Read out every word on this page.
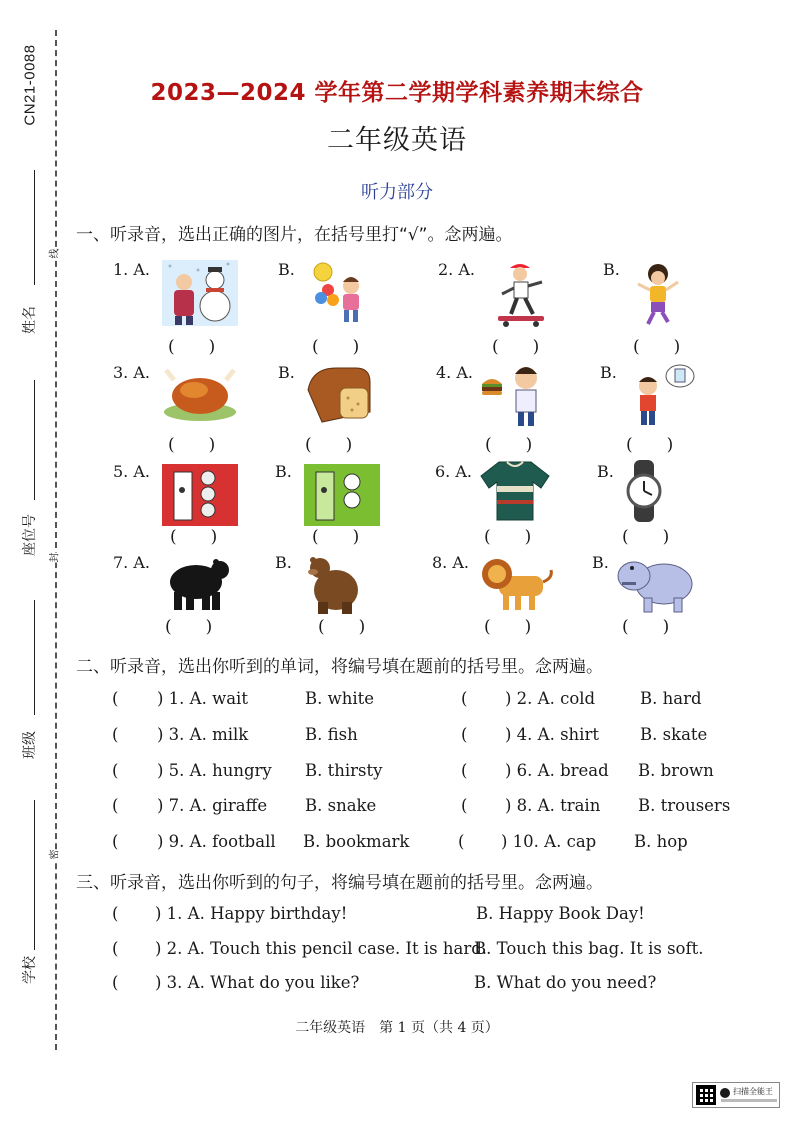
CN21-0088
姓名
座位号
班级
学校
线
封
密
2023—2024 学年第二学期学科素养期末综合
二年级英语
听力部分
一、听录音，选出正确的图片，在括号里打“√”。念两遍。
1. A.
(　　)
B.
(　　)
2. A.
(　　)
B.
(　　)
3. A.
(　　)
B.
(　　)
4. A.
(　　)
B.
(　　)
5. A.
(　　)
B.
(　　)
6. A.
(　　)
B.
(　　)
7. A.
(　　)
B.
(　　)
8. A.
(　　)
B.
(　　)
二、听录音，选出你听到的单词，将编号填在题前的括号里。念两遍。
( ) 1. A. wait	B. white	( ) 2. A. cold	B. hard
( ) 3. A. milk	B. fish	( ) 4. A. shirt B. skate
( ) 5. A. hungry B. thirsty	( ) 6. A. bread B. brown
( ) 7. A. giraffe B. snake	( ) 8. A. train B. trousers
( ) 9. A. football B. bookmark	( ) 10. A. cap B. hop
三、听录音，选出你听到的句子，将编号填在题前的括号里。念两遍。
( ) 1. A. Happy birthday!	B. Happy Book Day!
( ) 2. A. Touch this pencil case. It is hard.
B. Touch this bag. It is soft.
( ) 3. A. What do you like?	B. What do you need?
二年级英语　第 1 页（共 4 页）
扫描全能王
